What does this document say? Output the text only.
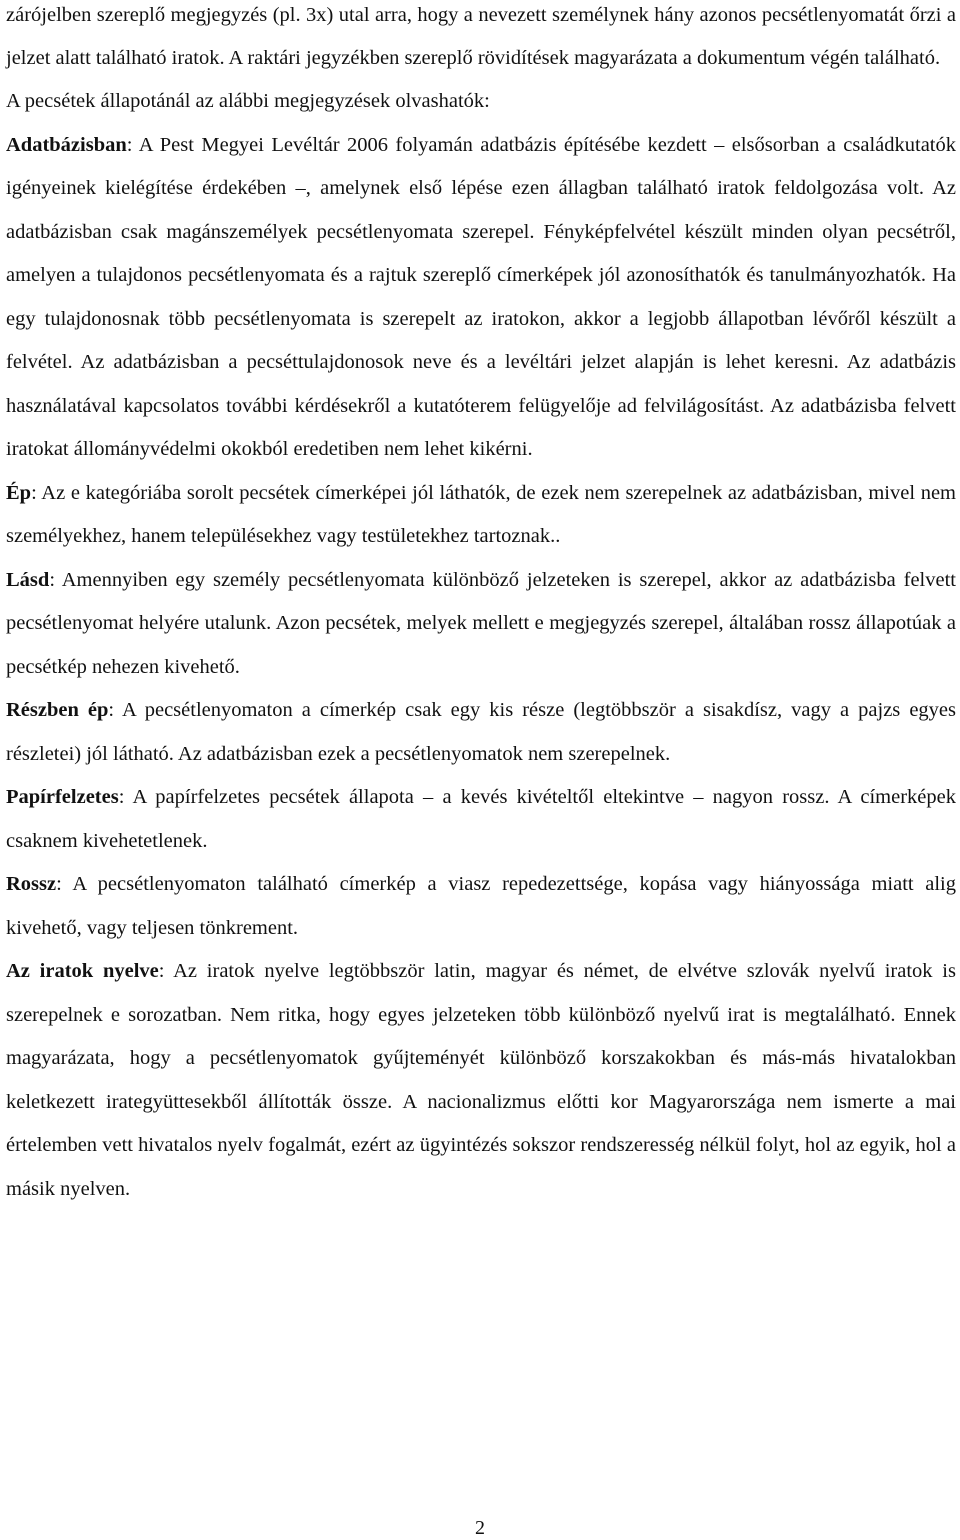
zárójelben szereplő megjegyzés (pl. 3x) utal arra, hogy a nevezett személynek hány azonos pecsétlenyomatát őrzi a jelzet alatt található iratok. A raktári jegyzékben szereplő rövidítések magyarázata a dokumentum végén található.

A pecsétek állapotánál az alábbi megjegyzések olvashatók:

Adatbázisban: A Pest Megyei Levéltár 2006 folyamán adatbázis építésébe kezdett – elsősorban a családkutatók igényeinek kielégítése érdekében –, amelynek első lépése ezen állagban található iratok feldolgozása volt. Az adatbázisban csak magánszemélyek pecsétlenyomata szerepel. Fényképfelvétel készült minden olyan pecsétről, amelyen a tulajdonos pecsétlenyomata és a rajtuk szereplő címerképek jól azonosíthatók és tanulmányozhatók. Ha egy tulajdonosnak több pecsétlenyomata is szerepelt az iratokon, akkor a legjobb állapotban lévőről készült a felvétel. Az adatbázisban a pecséttulajdonosok neve és a levéltári jelzet alapján is lehet keresni. Az adatbázis használatával kapcsolatos további kérdésekről a kutatóterem felügyelője ad felvilágosítást. Az adatbázisba felvett iratokat állományvédelmi okokból eredetiben nem lehet kikérni.

Ép: Az e kategóriába sorolt pecsétek címerképei jól láthatók, de ezek nem szerepelnek az adatbázisban, mivel nem személyekhez, hanem településekhez vagy testületekhez tartoznak..

Lásd: Amennyiben egy személy pecsétlenyomata különböző jelzeteken is szerepel, akkor az adatbázisba felvett pecsétlenyomat helyére utalunk. Azon pecsétek, melyek mellett e megjegyzés szerepel, általában rossz állapotúak a pecsétkép nehezen kivehető.

Részben ép: A pecsétlenyomaton a címerkép csak egy kis része (legtöbbször a sisakdísz, vagy a pajzs egyes részletei) jól látható. Az adatbázisban ezek a pecsétlenyomatok nem szerepelnek.

Papírfelzetes: A papírfelzetes pecsétek állapota – a kevés kivételtől eltekintve – nagyon rossz. A címerképek csaknem kivehetetlenek.

Rossz: A pecsétlenyomaton található címerkép a viasz repedezettsége, kopása vagy hiányossága miatt alig kivehető, vagy teljesen tönkrement.

Az iratok nyelve: Az iratok nyelve legtöbbször latin, magyar és német, de elvétve szlovák nyelvű iratok is szerepelnek e sorozatban. Nem ritka, hogy egyes jelzeteken több különböző nyelvű irat is megtalálható. Ennek magyarázata, hogy a pecsétlenyomatok gyűjteményét különböző korszakokban és más-más hivatalokban keletkezett irategyüttesekből állították össze. A nacionalizmus előtti kor Magyarországa nem ismerte a mai értelemben vett hivatalos nyelv fogalmát, ezért az ügyintézés sokszor rendszeresség nélkül folyt, hol az egyik, hol a másik nyelven.

2
